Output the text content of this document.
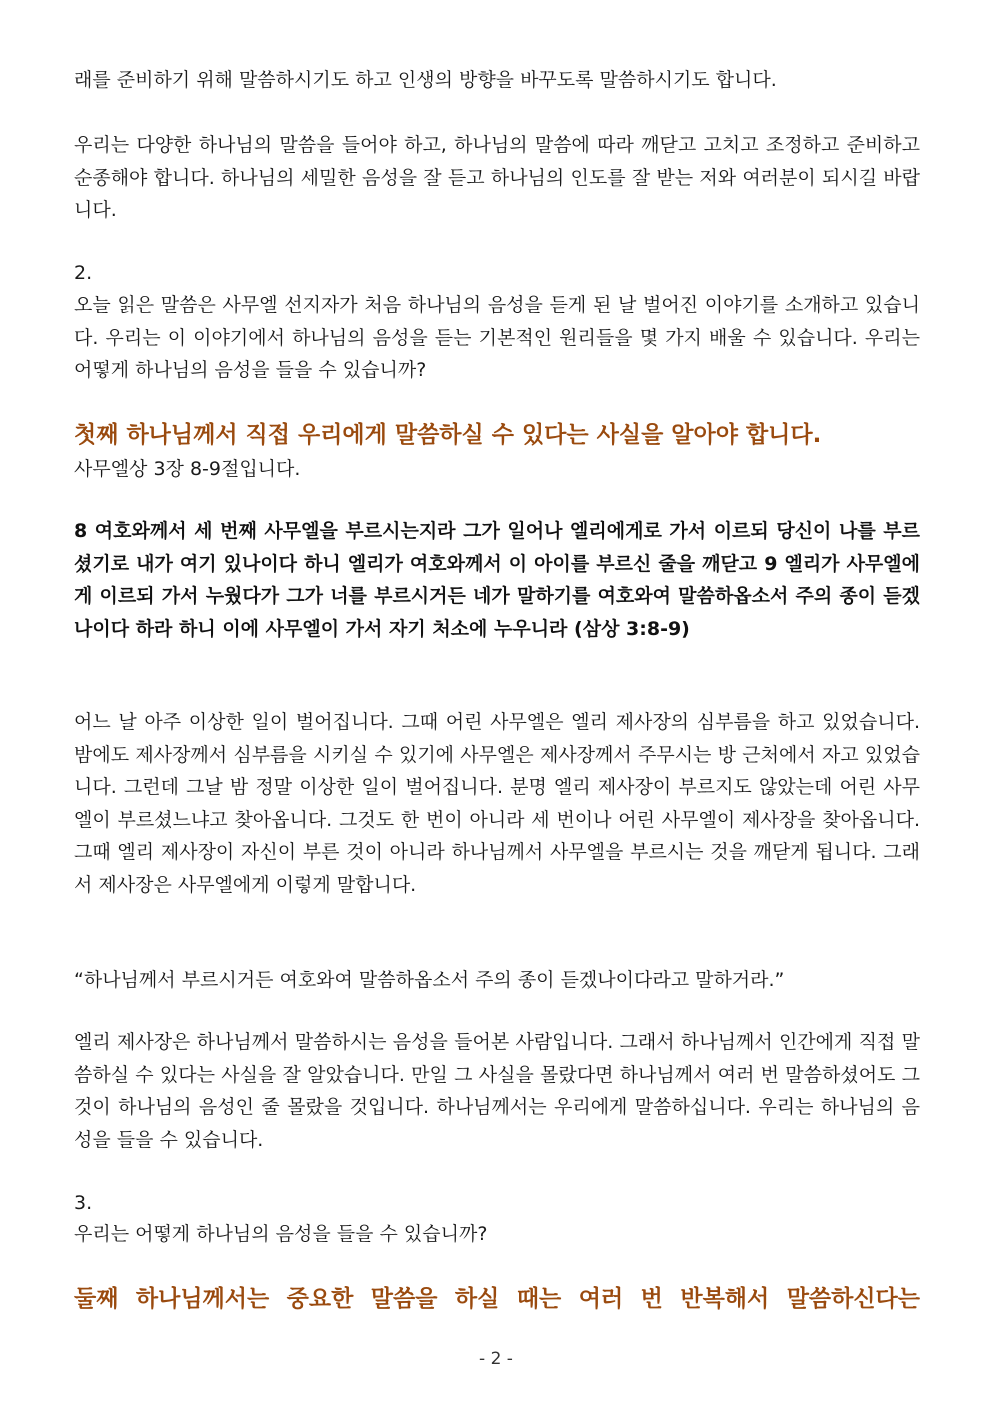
래를 준비하기 위해 말씀하시기도 하고 인생의 방향을 바꾸도록 말씀하시기도 합니다.

우리는 다양한 하나님의 말씀을 들어야 하고, 하나님의 말씀에 따라 깨닫고 고치고 조정하고 준비하고 순종해야 합니다. 하나님의 세밀한 음성을 잘 듣고 하나님의 인도를 잘 받는 저와 여러분이 되시길 바랍니다.

2.

오늘 읽은 말씀은 사무엘 선지자가 처음 하나님의 음성을 듣게 된 날 벌어진 이야기를 소개하고 있습니다. 우리는 이 이야기에서 하나님의 음성을 듣는 기본적인 원리들을 몇 가지 배울 수 있습니다. 우리는 어떻게 하나님의 음성을 들을 수 있습니까?

첫째 하나님께서 직접 우리에게 말씀하실 수 있다는 사실을 알아야 합니다.

사무엘상 3장 8-9절입니다.

8 여호와께서 세 번째 사무엘을 부르시는지라 그가 일어나 엘리에게로 가서 이르되 당신이 나를 부르셨기로 내가 여기 있나이다 하니 엘리가 여호와께서 이 아이를 부르신 줄을 깨닫고 9 엘리가 사무엘에게 이르되 가서 누웠다가 그가 너를 부르시거든 네가 말하기를 여호와여 말씀하옵소서 주의 종이 듣겠나이다 하라 하니 이에 사무엘이 가서 자기 처소에 누우니라 (삼상 3:8-9)

어느 날 아주 이상한 일이 벌어집니다. 그때 어린 사무엘은 엘리 제사장의 심부름을 하고 있었습니다. 밤에도 제사장께서 심부름을 시키실 수 있기에 사무엘은 제사장께서 주무시는 방 근처에서 자고 있었습니다. 그런데 그날 밤 정말 이상한 일이 벌어집니다. 분명 엘리 제사장이 부르지도 않았는데 어린 사무엘이 부르셨느냐고 찾아옵니다. 그것도 한 번이 아니라 세 번이나 어린 사무엘이 제사장을 찾아옵니다. 그때 엘리 제사장이 자신이 부른 것이 아니라 하나님께서 사무엘을 부르시는 것을 깨닫게 됩니다. 그래서 제사장은 사무엘에게 이렇게 말합니다.

“하나님께서 부르시거든 여호와여 말씀하옵소서 주의 종이 듣겠나이다라고 말하거라.”

엘리 제사장은 하나님께서 말씀하시는 음성을 들어본 사람입니다. 그래서 하나님께서 인간에게 직접 말씀하실 수 있다는 사실을 잘 알았습니다. 만일 그 사실을 몰랐다면 하나님께서 여러 번 말씀하셨어도 그것이 하나님의 음성인 줄 몰랐을 것입니다. 하나님께서는 우리에게 말씀하십니다. 우리는 하나님의 음성을 들을 수 있습니다.

3.

우리는 어떻게 하나님의 음성을 들을 수 있습니까?

둘째 하나님께서는 중요한 말씀을 하실 때는 여러 번 반복해서 말씀하신다는
- 2 -
